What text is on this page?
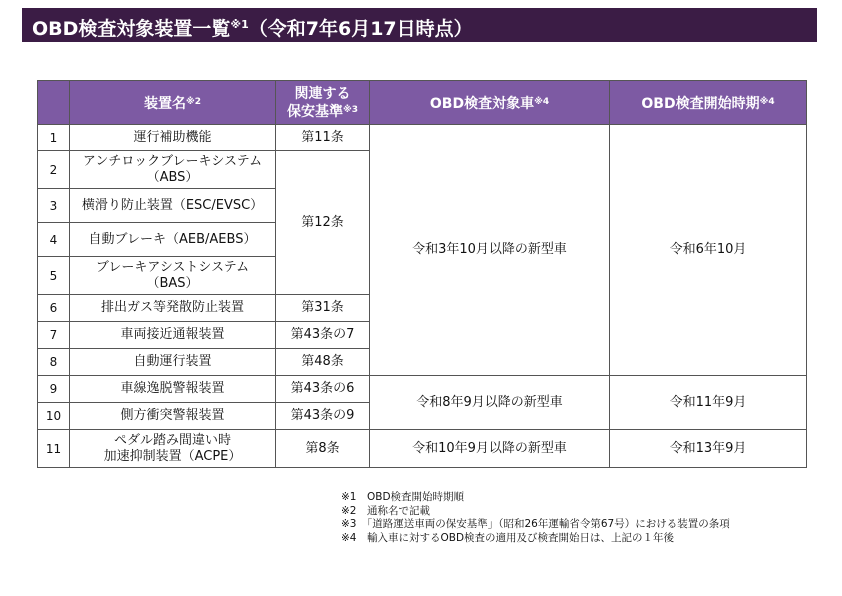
OBD検査対象装置一覧$^{※1}$（令和7年6月17日時点）
	装置名$^{※2}$	関連する
保安基準$^{※3}$	OBD検査対象車$^{※4}$	OBD検査開始時期$^{※4}$
1	運行補助機能	第11条	令和3年10月以降の新型車	令和6年10月
2	アンチロックブレーキシステム
（ABS）	第12条		
3	横滑り防止装置（ESC/EVSC）			
4	自動ブレーキ（AEB/AEBS）			
5	ブレーキアシストシステム
（BAS）			
6	排出ガス等発散防止装置	第31条		
7	車両接近通報装置	第43条の7		
8	自動運行装置	第48条		
9	車線逸脱警報装置	第43条の6	令和8年9月以降の新型車	令和11年9月
10	側方衝突警報装置	第43条の9		
11	ペダル踏み間違い時
加速抑制装置（ACPE）	第8条	令和10年9月以降の新型車	令和13年9月
※1　OBD検査開始時期順
※2　通称名で記載
※3　「道路運送車両の保安基準」（昭和26年運輸省令第67号）における装置の条項
※4　輸入車に対するOBD検査の適用及び検査開始日は、上記の１年後
